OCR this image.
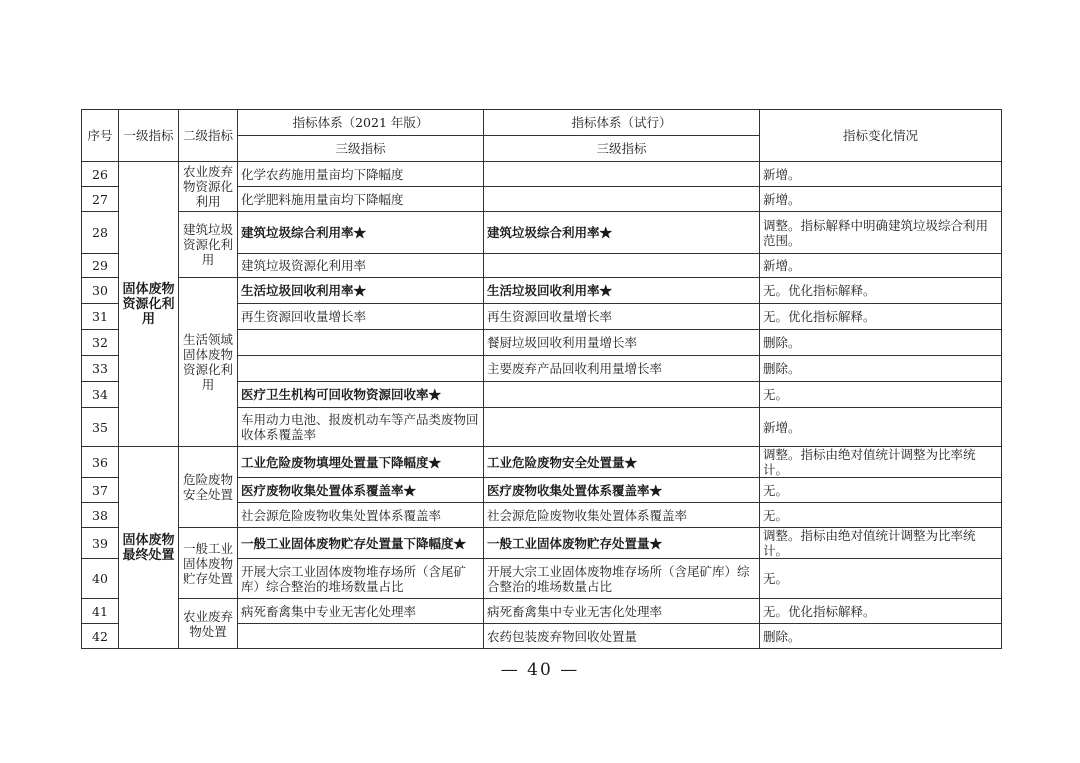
序号	一级指标	二级指标	指标体系（2021 年版）	指标体系（试行）	指标变化情况
			三级指标	三级指标	
26	固体废物资源化利用	农业废弃物资源化利用	化学农药施用量亩均下降幅度		新增。
27			化学肥料施用量亩均下降幅度		新增。
28		建筑垃圾资源化利用	建筑垃圾综合利用率★	建筑垃圾综合利用率★	调整。指标解释中明确建筑垃圾综合利用范围。
29			建筑垃圾资源化利用率		新增。
30		生活领域固体废物资源化利用	生活垃圾回收利用率★	生活垃圾回收利用率★	无。优化指标解释。
31			再生资源回收量增长率	再生资源回收量增长率	无。优化指标解释。
32				餐厨垃圾回收利用量增长率	删除。
33				主要废弃产品回收利用量增长率	删除。
34			医疗卫生机构可回收物资源回收率★		无。
35			车用动力电池、报废机动车等产品类废物回收体系覆盖率		新增。
36	固体废物最终处置	危险废物安全处置	工业危险废物填埋处置量下降幅度★	工业危险废物安全处置量★	调整。指标由绝对值统计调整为比率统计。
37			医疗废物收集处置体系覆盖率★	医疗废物收集处置体系覆盖率★	无。
38			社会源危险废物收集处置体系覆盖率	社会源危险废物收集处置体系覆盖率	无。
39		一般工业固体废物贮存处置	一般工业固体废物贮存处置量下降幅度★	一般工业固体废物贮存处置量★	调整。指标由绝对值统计调整为比率统计。
40			开展大宗工业固体废物堆存场所（含尾矿库）综合整治的堆场数量占比	开展大宗工业固体废物堆存场所（含尾矿库）综合整治的堆场数量占比	无。
41		农业废弃物处置	病死畜禽集中专业无害化处理率	病死畜禽集中专业无害化处理率	无。优化指标解释。
42				农药包装废弃物回收处置量	删除。
— 40 —
